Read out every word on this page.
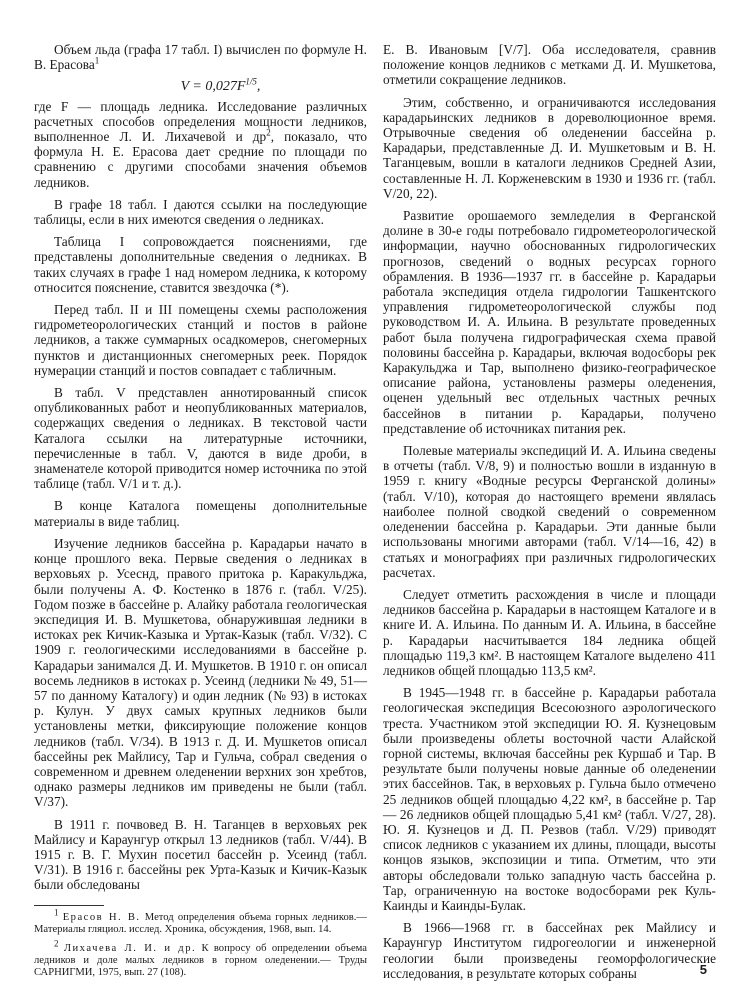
Объем льда (графа 17 табл. I) вычислен по формуле Н. В. Ерасова$^1$

$V = 0,027F^{1/5}$,

где F — площадь ледника. Исследование различных расчетных способов определения мощности ледников, выполненное Л. И. Лихачевой и $др^2$, показало, что формула Н. Е. Ерасова дает средние по площади по сравнению с другими способами значения объемов ледников.

В графе 18 табл. I даются ссылки на последующие таблицы, если в них имеются сведения о ледниках.

Таблица I сопровождается пояснениями, где представлены дополнительные сведения о ледниках. В таких случаях в графе 1 над номером ледника, к которому относится пояснение, ставится звездочка (*).

Перед табл. II и III помещены схемы расположения гидрометеорологических станций и постов в районе ледников, а также суммарных осадкомеров, снегомерных пунктов и дистанционных снегомерных реек. Порядок нумерации станций и постов совпадает с табличным.

В табл. V представлен аннотированный список опубликованных работ и неопубликованных материалов, содержащих сведения о ледниках. В текстовой части Каталога ссылки на литературные источники, перечисленные в табл. V, даются в виде дроби, в знаменателе которой приводится номер источника по этой таблице (табл. V/1 и т. д.).

В конце Каталога помещены дополнительные материалы в виде таблиц.

Изучение ледников бассейна р. Карадарьи начато в конце прошлого века. Первые сведения о ледниках в верховьях р. Усеснд, правого притока р. Каракульджа, были получены А. Ф. Костенко в 1876 г. (табл. V/25). Годом позже в бассейне р. Алайку работала геологическая экспедиция И. В. Мушкетова, обнаружившая ледники в истоках рек Кичик-Казыка и Уртак-Казык (табл. V/32). С 1909 г. геологическими исследованиями в бассейне р. Карадарьи занимался Д. И. Мушкетов. В 1910 г. он описал восемь ледников в истоках р. Усеинд (ледники № 49, 51—57 по данному Каталогу) и один ледник (№ 93) в истоках р. Кулун. У двух самых крупных ледников были установлены метки, фиксирующие положение концов ледников (табл. V/34). В 1913 г. Д. И. Мушкетов описал бассейны рек Майлису, Тар и Гульча, собрал сведения о современном и древнем оледенении верхних зон хребтов, однако размеры ледников им приведены не были (табл. V/37).

В 1911 г. почвовед В. Н. Таганцев в верховьях рек Майлису и Караунгур открыл 13 ледников (табл. V/44). В 1915 г. В. Г. Мухин посетил бассейн р. Усеинд (табл. V/31). В 1916 г. бассейны рек Урта-Казык и Кичик-Казык были обследованы

$^1$ Ерасов Н. В. Метод определения объема горных ледников.— Материалы гляциол. исслед. Хроника, обсуждения, 1968, вып. 14.

$^2$ Лихачева Л. И. и др. К вопросу об определении объема ледников и доле малых ледников в горном оледенении.— Труды САРНИГМИ, 1975, вып. 27 (108).

Е. В. Ивановым [V/7]. Оба исследователя, сравнив положение концов ледников с метками Д. И. Мушкетова, отметили сокращение ледников.

Этим, собственно, и ограничиваются исследования карадарьинских ледников в дореволюционное время. Отрывочные сведения об оледенении бассейна р. Карадарьи, представленные Д. И. Мушкетовым и В. Н. Таганцевым, вошли в каталоги ледников Средней Азии, составленные Н. Л. Корженевским в 1930 и 1936 гг. (табл. V/20, 22).

Развитие орошаемого земледелия в Ферганской долине в 30-е годы потребовало гидрометеорологической информации, научно обоснованных гидрологических прогнозов, сведений о водных ресурсах горного обрамления. В 1936—1937 гг. в бассейне р. Карадарьи работала экспедиция отдела гидрологии Ташкентского управления гидрометеорологической службы под руководством И. А. Ильина. В результате проведенных работ была получена гидрографическая схема правой половины бассейна р. Карадарьи, включая водосборы рек Каракульджа и Тар, выполнено физико-географическое описание района, установлены размеры оледенения, оценен удельный вес отдельных частных речных бассейнов в питании р. Карадарьи, получено представление об источниках питания рек.

Полевые материалы экспедиций И. А. Ильина сведены в отчеты (табл. V/8, 9) и полностью вошли в изданную в 1959 г. книгу «Водные ресурсы Ферганской долины» (табл. V/10), которая до настоящего времени являлась наиболее полной сводкой сведений о современном оледенении бассейна р. Карадарьи. Эти данные были использованы многими авторами (табл. V/14—16, 42) в статьях и монографиях при различных гидрологических расчетах.

Следует отметить расхождения в числе и площади ледников бассейна р. Карадарьи в настоящем Каталоге и в книге И. А. Ильина. По данным И. А. Ильина, в бассейне р. Карадарьи насчитывается 184 ледника общей площадью 119,3 км². В настоящем Каталоге выделено 411 ледников общей площадью 113,5 км².

В 1945—1948 гг. в бассейне р. Карадарьи работала геологическая экспедиция Всесоюзного аэрологического треста. Участником этой экспедиции Ю. Я. Кузнецовым были произведены облеты восточной части Алайской горной системы, включая бассейны рек Куршаб и Тар. В результате были получены новые данные об оледенении этих бассейнов. Так, в верховьях р. Гульча было отмечено 25 ледников общей площадью 4,22 км², в бассейне р. Тар — 26 ледников общей площадью 5,41 км² (табл. V/27, 28). Ю. Я. Кузнецов и Д. П. Резвов (табл. V/29) приводят список ледников с указанием их длины, площади, высоты концов языков, экспозиции и типа. Отметим, что эти авторы обследовали только западную часть бассейна р. Тар, ограниченную на востоке водосборами рек Куль-Каинды и Каинды-Булак.

В 1966—1968 гг. в бассейнах рек Майлису и Караунгур Институтом гидрогеологии и инженерной геологии были произведены геоморфологические исследования, в результате которых собраны	5
